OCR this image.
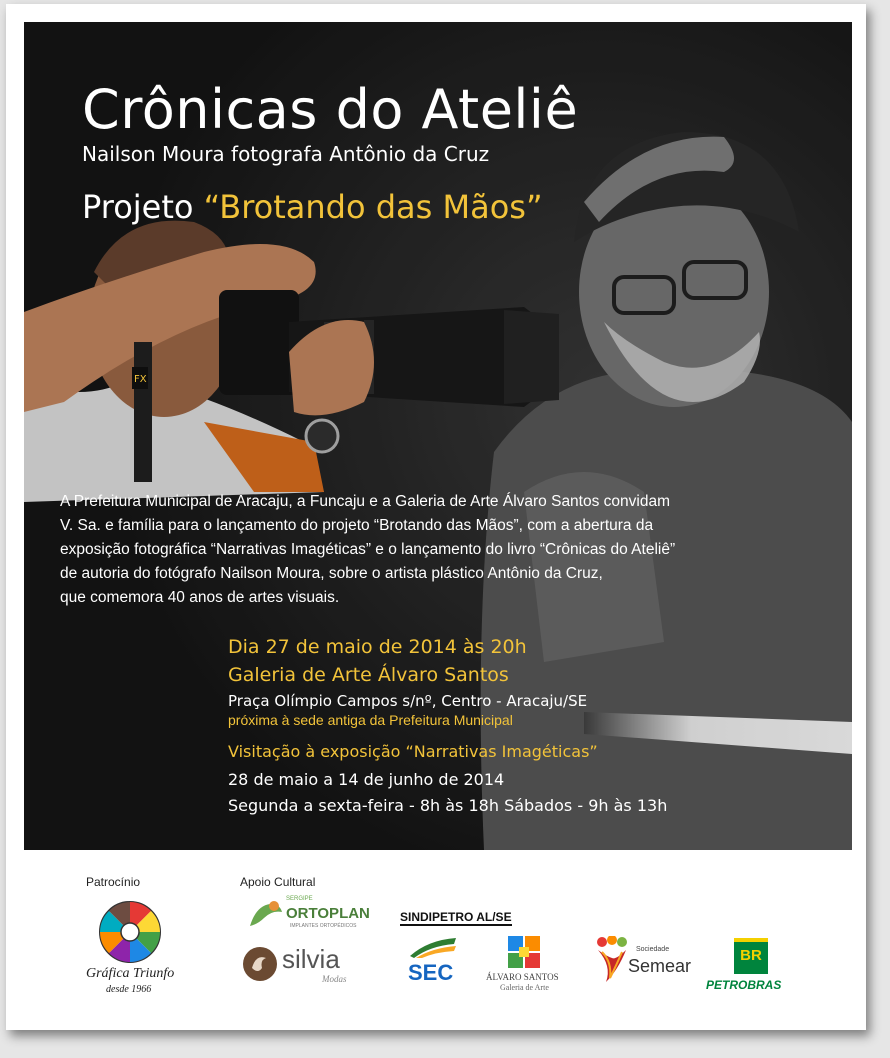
FX
Crônicas do Ateliê

Nailson Moura fotografa Antônio da Cruz

Projeto “Brotando das Mãos”

A Prefeitura Municipal de Aracaju, a Funcaju e a Galeria de Arte Álvaro Santos convidam
V. Sa. e família para o lançamento do projeto “Brotando das Mãos”, com a abertura da
exposição fotográfica “Narrativas Imagéticas” e o lançamento do livro “Crônicas do Ateliê”
de autoria do fotógrafo Nailson Moura, sobre o artista plástico Antônio da Cruz,
que comemora 40 anos de artes visuais.

Dia 27 de maio de 2014 às 20h
Galeria de Arte Álvaro Santos
Praça Olímpio Campos s/nº, Centro - Aracaju/SE
próxima à sede antiga da Prefeitura Municipal
Visitação à exposição “Narrativas Imagéticas”
28 de maio a 14 de junho de 2014
Segunda a sexta-feira - 8h às 18h Sábados - 9h às 13h
Patrocínio	Apoio Cultural
Gráfica Triunfo
desde 1966
SERGIPE
ORTOPLAN
IMPLANTES ORTOPÉDICOS
silvia
Modas
SINDIPETRO AL/SE
SEC	ÁLVARO SANTOS
Galeria de Arte
Sociedade
Semear
BR
PETROBRAS
